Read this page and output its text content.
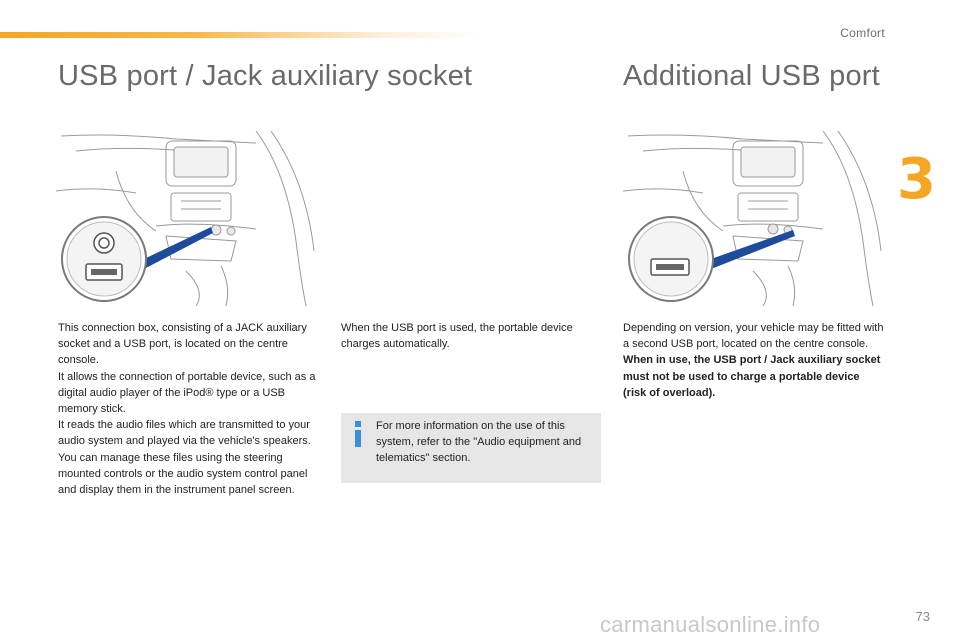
Comfort
3
USB port / Jack auxiliary socket	Additional USB port

This connection box, consisting of a JACK auxiliary socket and a USB port, is located on the centre console.

It allows the connection of portable device, such as a digital audio player of the iPod® type or a USB memory stick.

It reads the audio files which are transmitted to your audio system and played via the vehicle's speakers.

You can manage these files using the steering mounted controls or the audio system control panel and display them in the instrument panel screen.

When the USB port is used, the portable device charges automatically.

For more information on the use of this system, refer to the "Audio equipment and telematics" section.

Depending on version, your vehicle may be fitted with a second USB port, located on the centre console.

When in use, the USB port / Jack auxiliary socket must not be used to charge a portable device (risk of overload).

carmanualsonline.info	73
